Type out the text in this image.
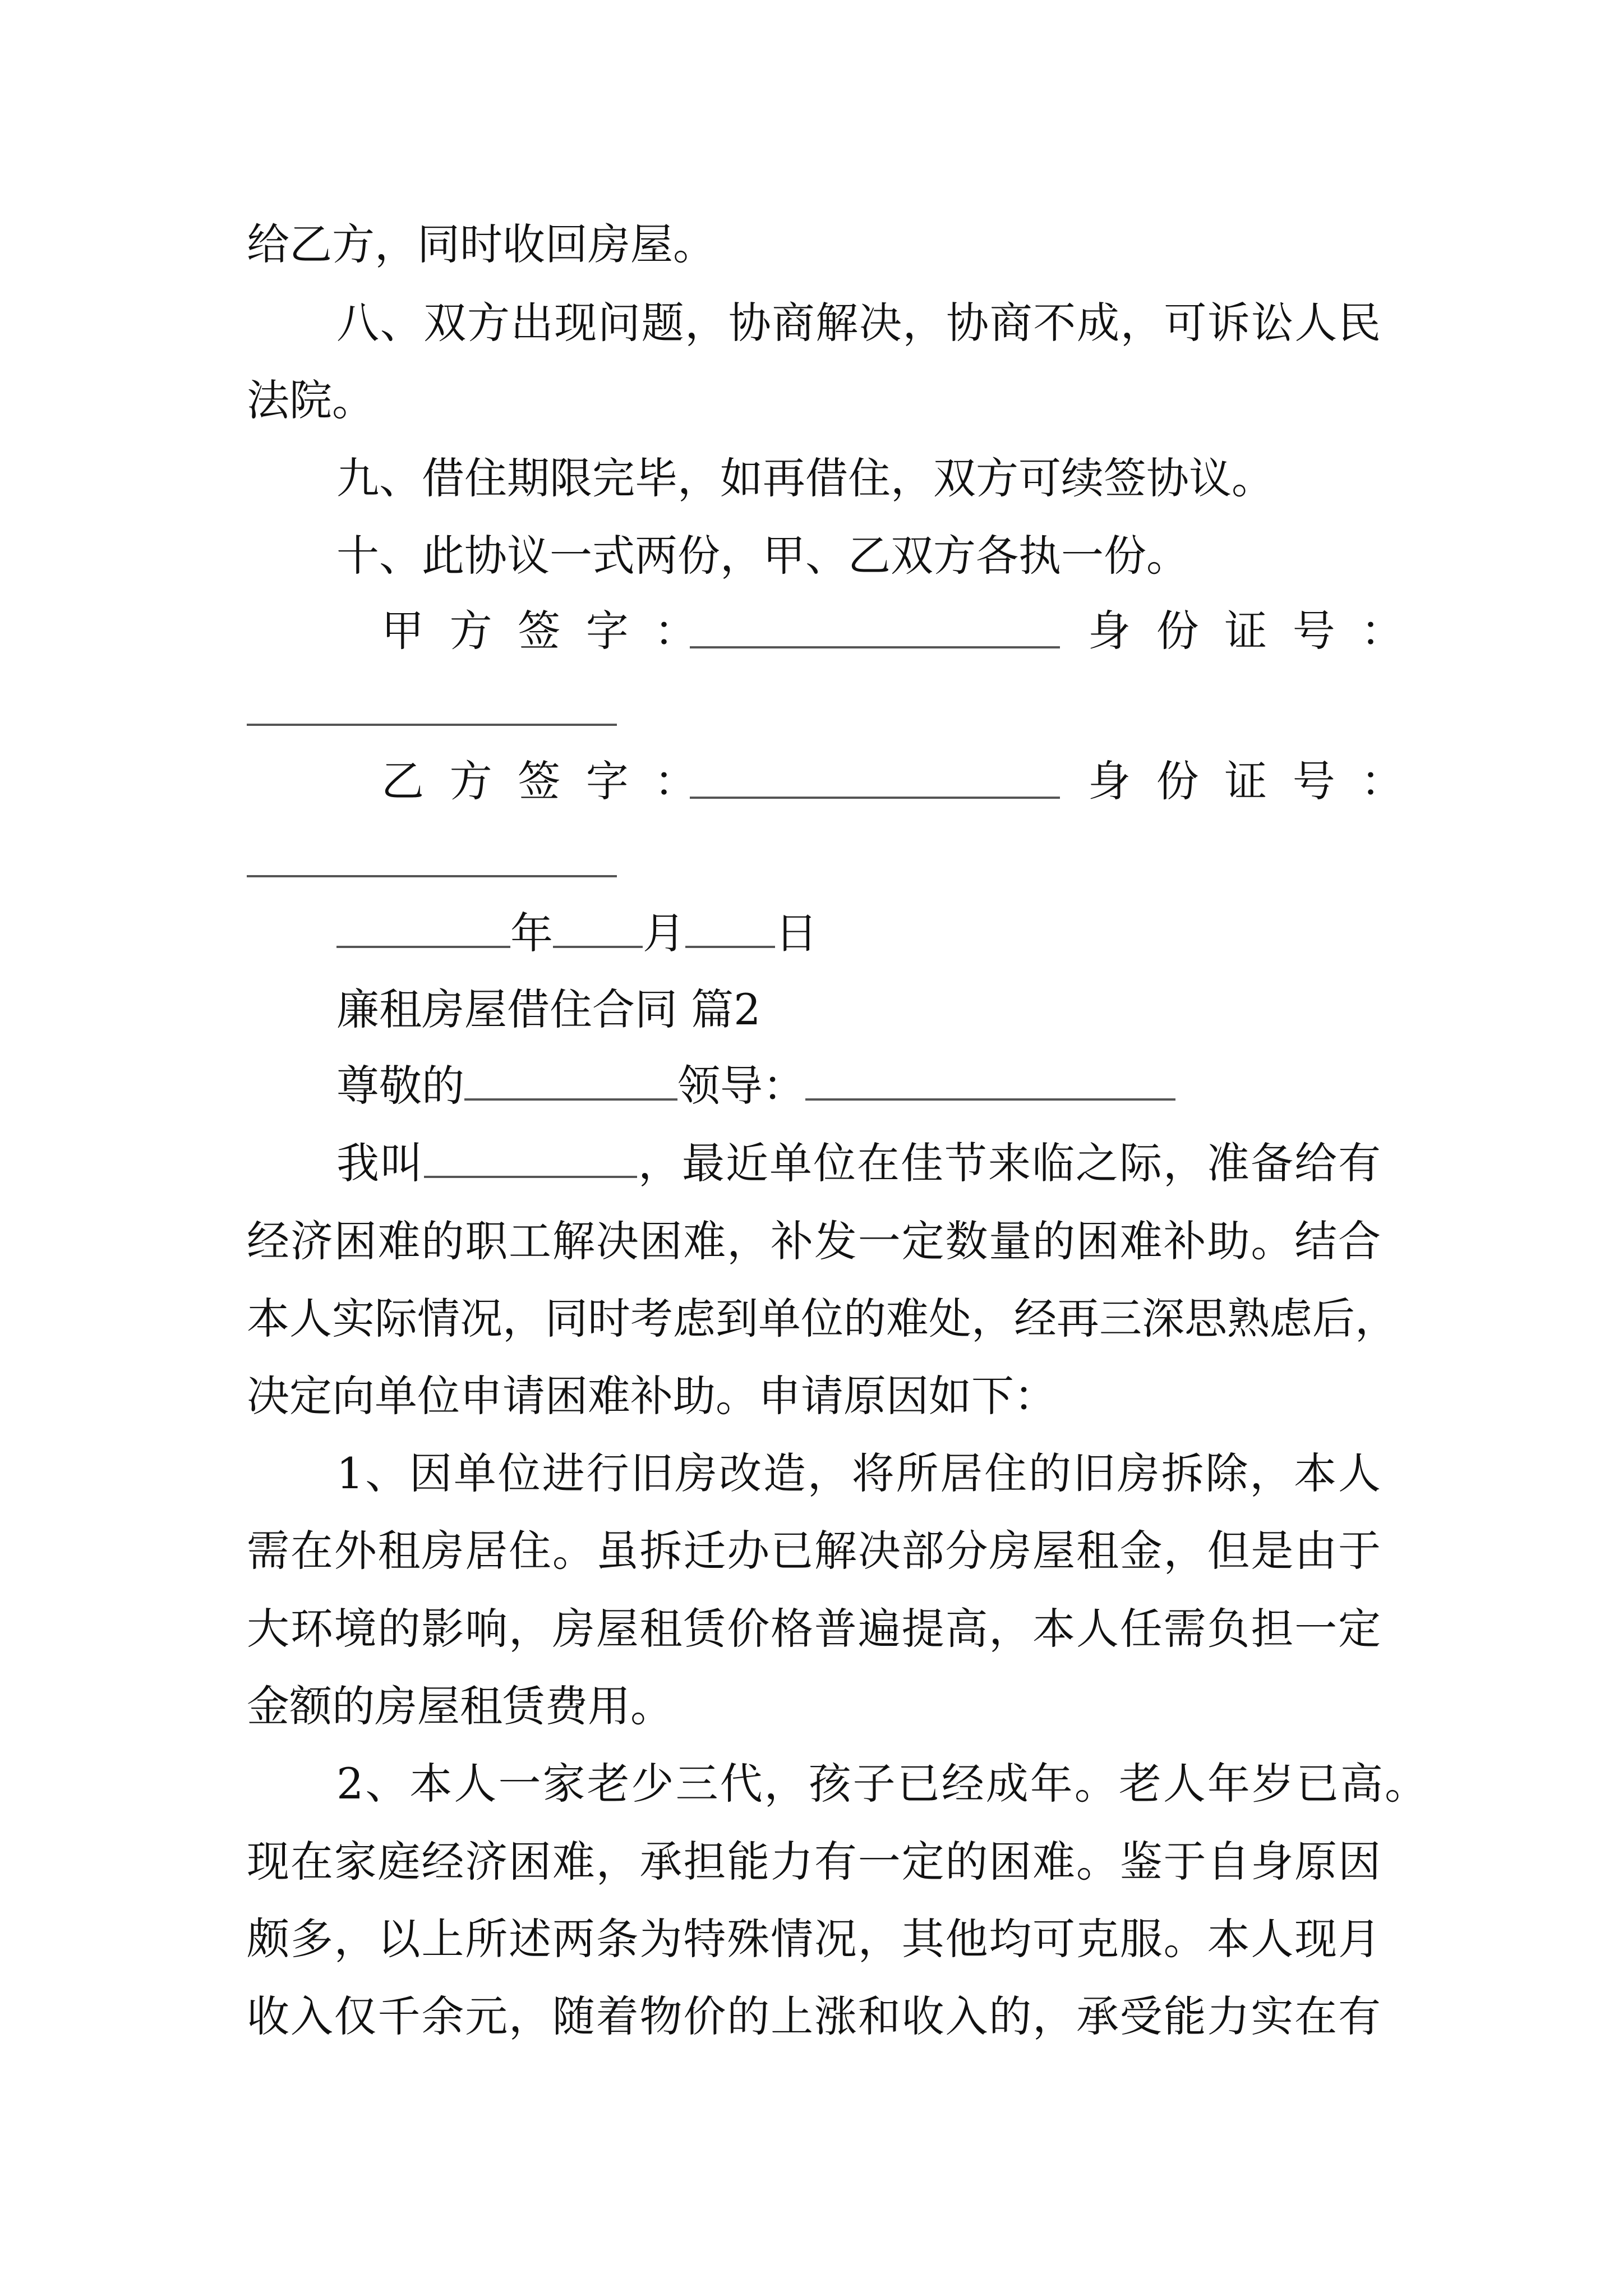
给乙方，同时收回房屋。
八、双方出现问题，协商解决，协商不成，可诉讼人民
法院。
九、借住期限完毕，如再借住，双方可续签协议。
十、此协议一式两份，甲、乙双方各执一份。
甲方签字：	身份证号：
乙方签字：	身份证号：
年 月 日
廉租房屋借住合同 篇2
尊敬的	领导：
我叫	，最近单位在佳节来临之际，准备给有
经济困难的职工解决困难，补发一定数量的困难补助。结合
本人实际情况，同时考虑到单位的难处，经再三深思熟虑后，
决定向单位申请困难补助。申请原因如下：
1、因单位进行旧房改造，将所居住的旧房拆除，本人
需在外租房居住。虽拆迁办已解决部分房屋租金，但是由于
大环境的影响，房屋租赁价格普遍提高，本人任需负担一定
金额的房屋租赁费用。
2、本人一家老少三代，孩子已经成年。老人年岁已高。
现在家庭经济困难，承担能力有一定的困难。鉴于自身原因
颇多，以上所述两条为特殊情况，其他均可克服。本人现月
收入仅千余元，随着物价的上涨和收入的，承受能力实在有
